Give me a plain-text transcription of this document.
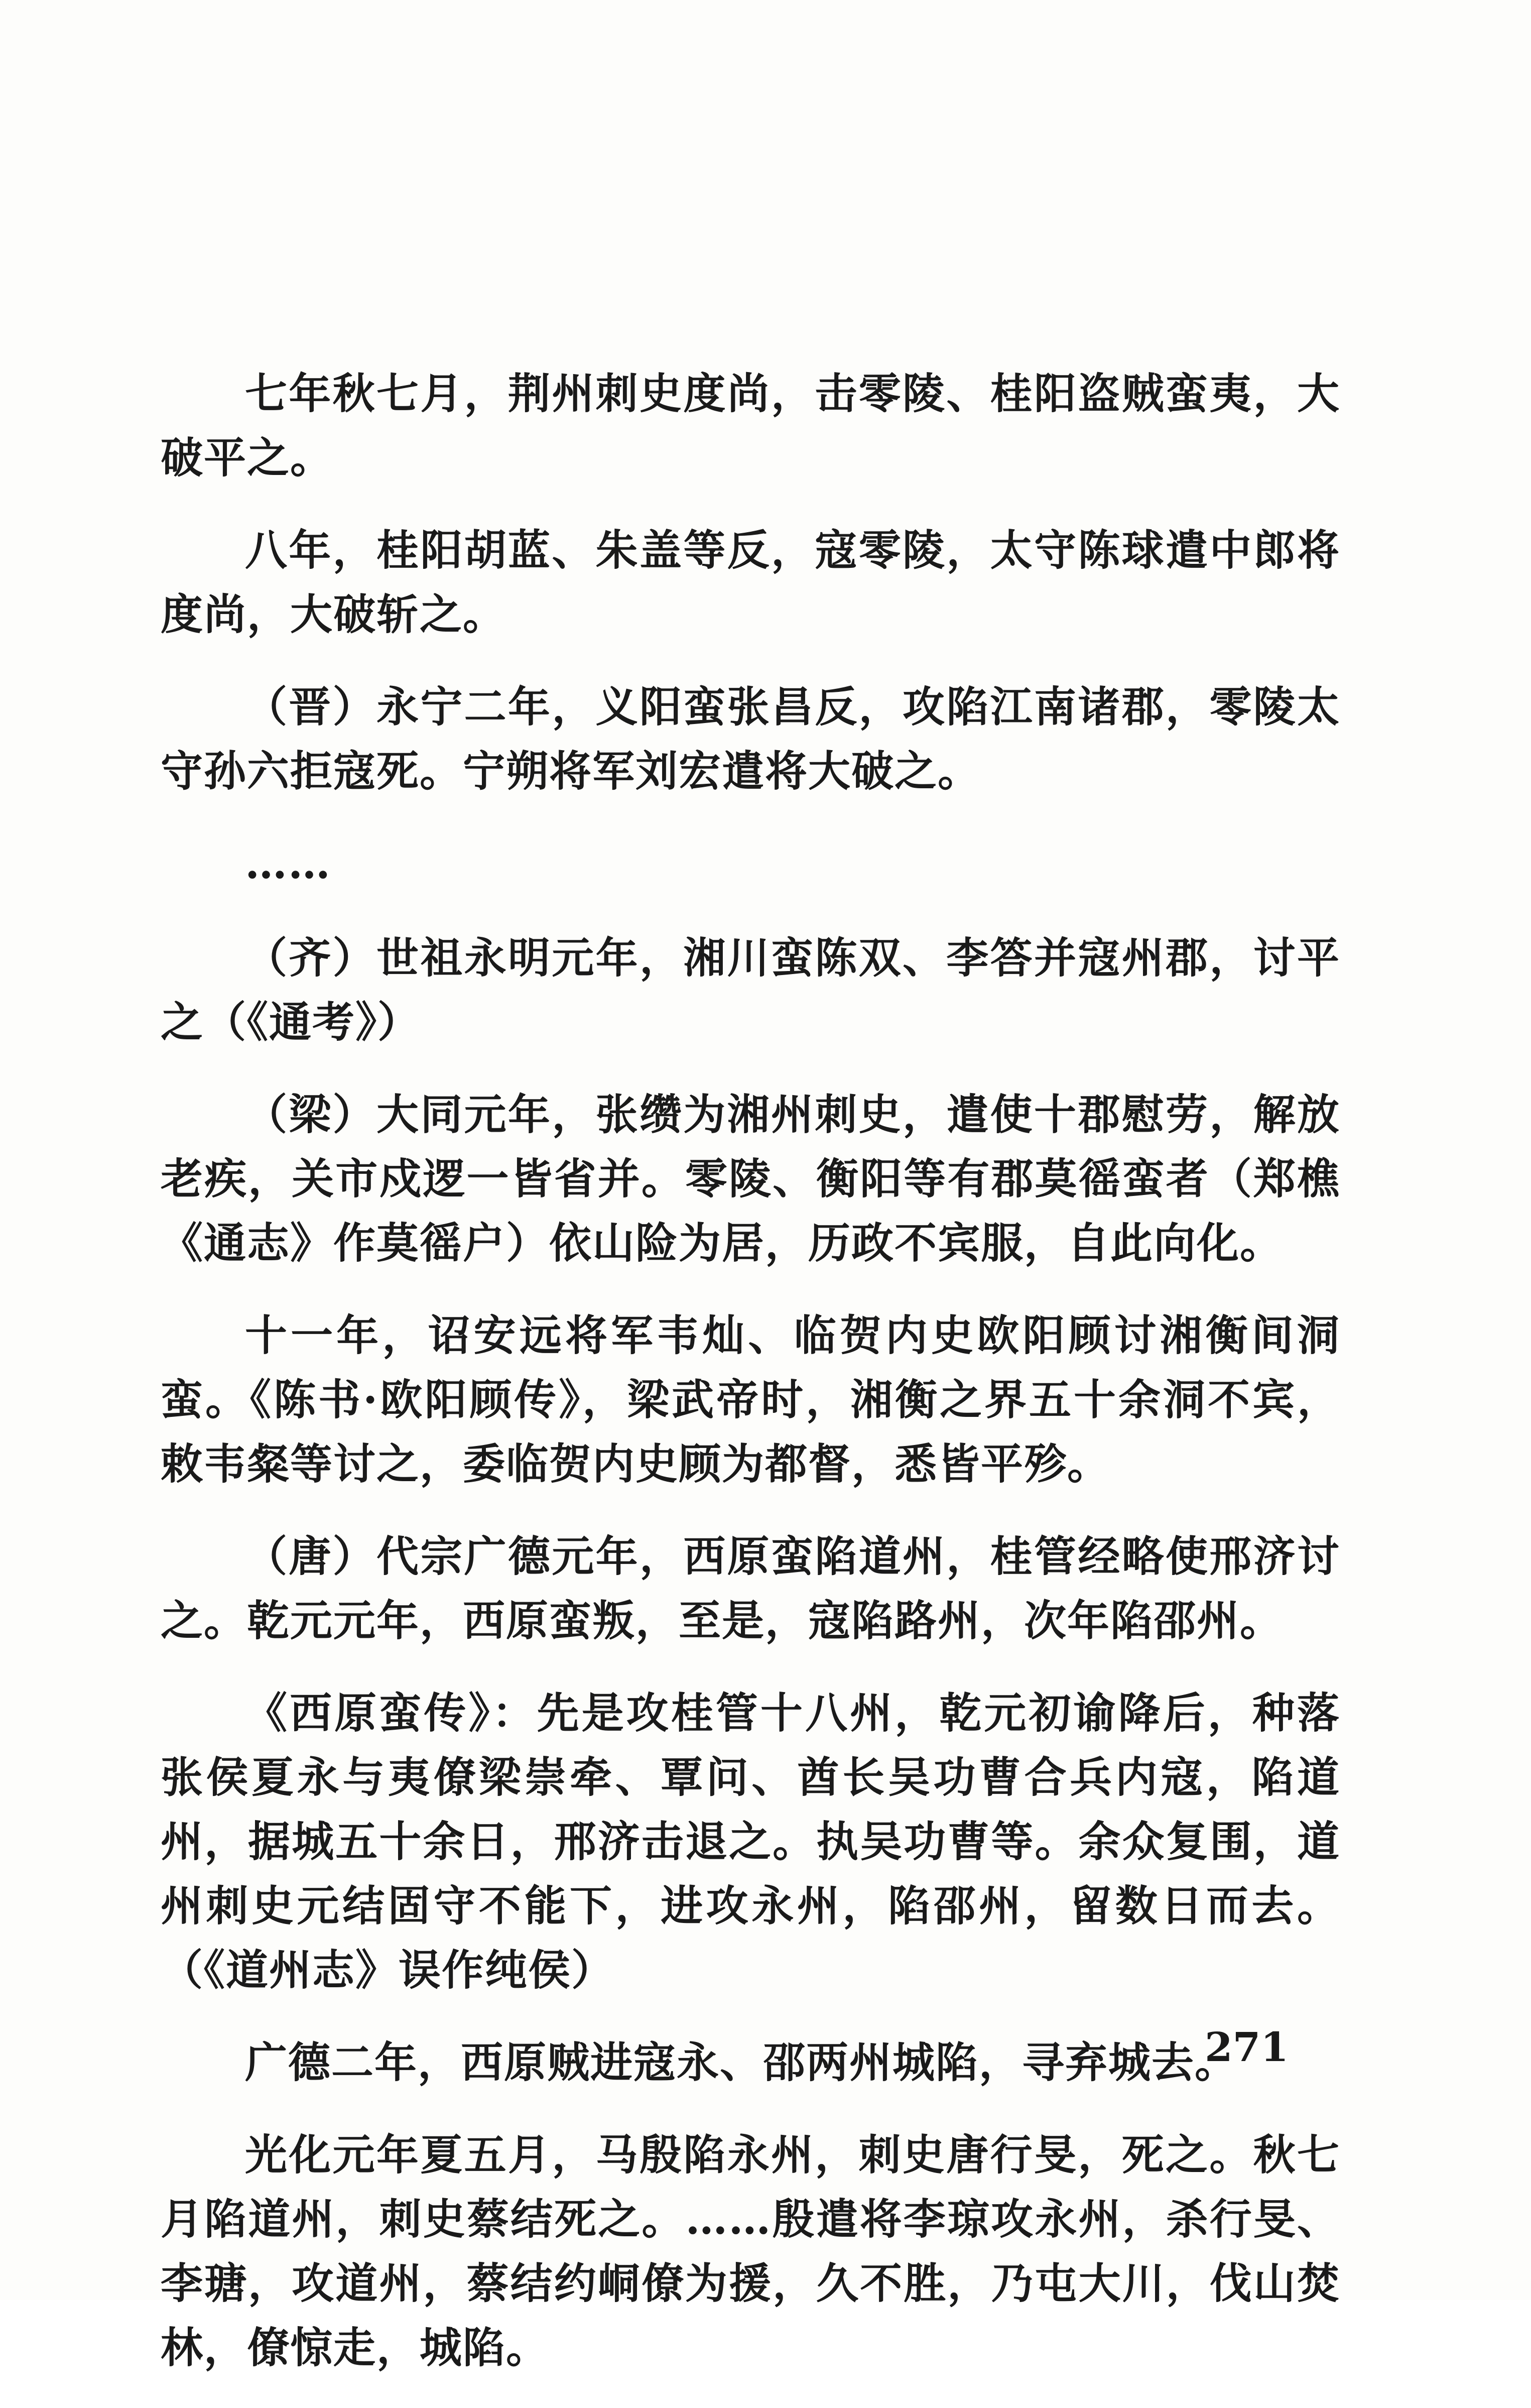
七年秋七月，荆州刺史度尚，击零陵、桂阳盗贼蛮夷，大破平之。

八年，桂阳胡蓝、朱盖等反，寇零陵，太守陈球遣中郎将度尚，大破斩之。

（晋）永宁二年，义阳蛮张昌反，攻陷江南诸郡，零陵太守孙六拒寇死。宁朔将军刘宏遣将大破之。

……

（齐）世祖永明元年，湘川蛮陈双、李答并寇州郡，讨平之（《通考》）

（梁）大同元年，张缵为湘州刺史，遣使十郡慰劳，解放老疾，关市戍逻一皆省并。零陵、衡阳等有郡莫徭蛮者（郑樵《通志》作莫徭户）依山险为居，历政不宾服，自此向化。

十一年，诏安远将军韦灿、临贺内史欧阳顾讨湘衡间洞蛮。《陈书·欧阳顾传》，梁武帝时，湘衡之界五十余洞不宾，敕韦粲等讨之，委临贺内史顾为都督，悉皆平殄。

（唐）代宗广德元年，西原蛮陷道州，桂管经略使邢济讨之。乾元元年，西原蛮叛，至是，寇陷路州，次年陷邵州。

《西原蛮传》：先是攻桂管十八州，乾元初谕降后，种落张侯夏永与夷僚梁崇牵、覃问、酋长吴功曹合兵内寇，陷道州，据城五十余日，邢济击退之。执吴功曹等。余众复围，道州刺史元结固守不能下，进攻永州，陷邵州，留数日而去。（《道州志》误作纯侯）

广德二年，西原贼进寇永、邵两州城陷，寻弃城去。

光化元年夏五月，马殷陷永州，刺史唐行旻，死之。秋七月陷道州，刺史蔡结死之。……殷遣将李琼攻永州，杀行旻、李瑭，攻道州，蔡结约峒僚为援，久不胜，乃屯大川，伐山焚林，僚惊走，城陷。

271
